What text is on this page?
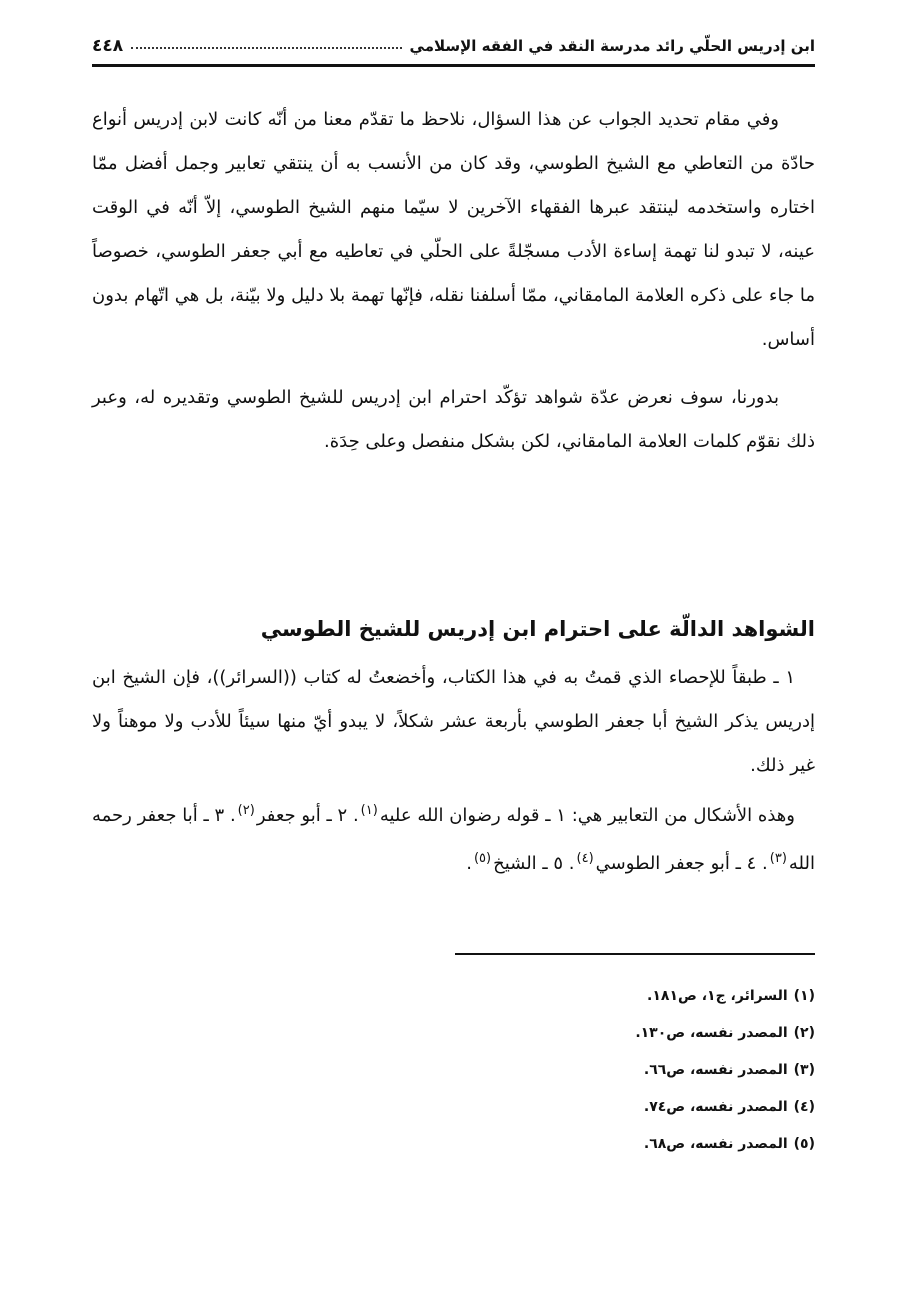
ابن إدريس الحلّي رائد مدرسة النقد في الفقه الإسلامي
٤٤٨

وفي مقام تحديد الجواب عن هذا السؤال، نلاحظ ما تقدّم معنا من أنّه كانت لابن إدريس أنواع حادّة من التعاطي مع الشيخ الطوسي، وقد كان من الأنسب به أن ينتقي تعابير وجمل أفضل ممّا اختاره واستخدمه لينتقد عبرها الفقهاء الآخرين لا سيّما منهم الشيخ الطوسي، إلاّ أنّه في الوقت عينه، لا تبدو لنا تهمة إساءة الأدب مسجّلةً على الحلّي في تعاطيه مع أبي جعفر الطوسي، خصوصاً ما جاء على ذكره العلامة المامقاني، ممّا أسلفنا نقله، فإنّها تهمة بلا دليل ولا بيّنة، بل هي اتّهام بدون أساس.

بدورنا، سوف نعرض عدّة شواهد تؤكّد احترام ابن إدريس للشيخ الطوسي وتقديره له، وعبر ذلك نقوّم كلمات العلامة المامقاني، لكن بشكل منفصل وعلى حِدَة.

الشواهد الدالّة على احترام ابن إدريس للشيخ الطوسي

١ ـ طبقاً للإحصاء الذي قمتُ به في هذا الكتاب، وأخضعتُ له كتاب ((السرائر))، فإن الشيخ ابن إدريس يذكر الشيخ أبا جعفر الطوسي بأربعة عشر شكلاً، لا يبدو أيّ منها سيئاً للأدب ولا موهناً ولا غير ذلك.

وهذه الأشكال من التعابير هي: ١ ـ قوله رضوان الله عليه$^{(١)}$. ٢ ـ أبو جعفر$^{(٢)}$. ٣ ـ أبا جعفر رحمه الله$^{(٣)}$. ٤ ـ أبو جعفر الطوسي$^{(٤)}$. ٥ ـ الشيخ$^{(٥)}$.

(١)السرائر، ج١، ص١٨١.
(٢)المصدر نفسه، ص١٣٠.
(٣)المصدر نفسه، ص٦٦.
(٤)المصدر نفسه، ص٧٤.
(٥)المصدر نفسه، ص٦٨.
